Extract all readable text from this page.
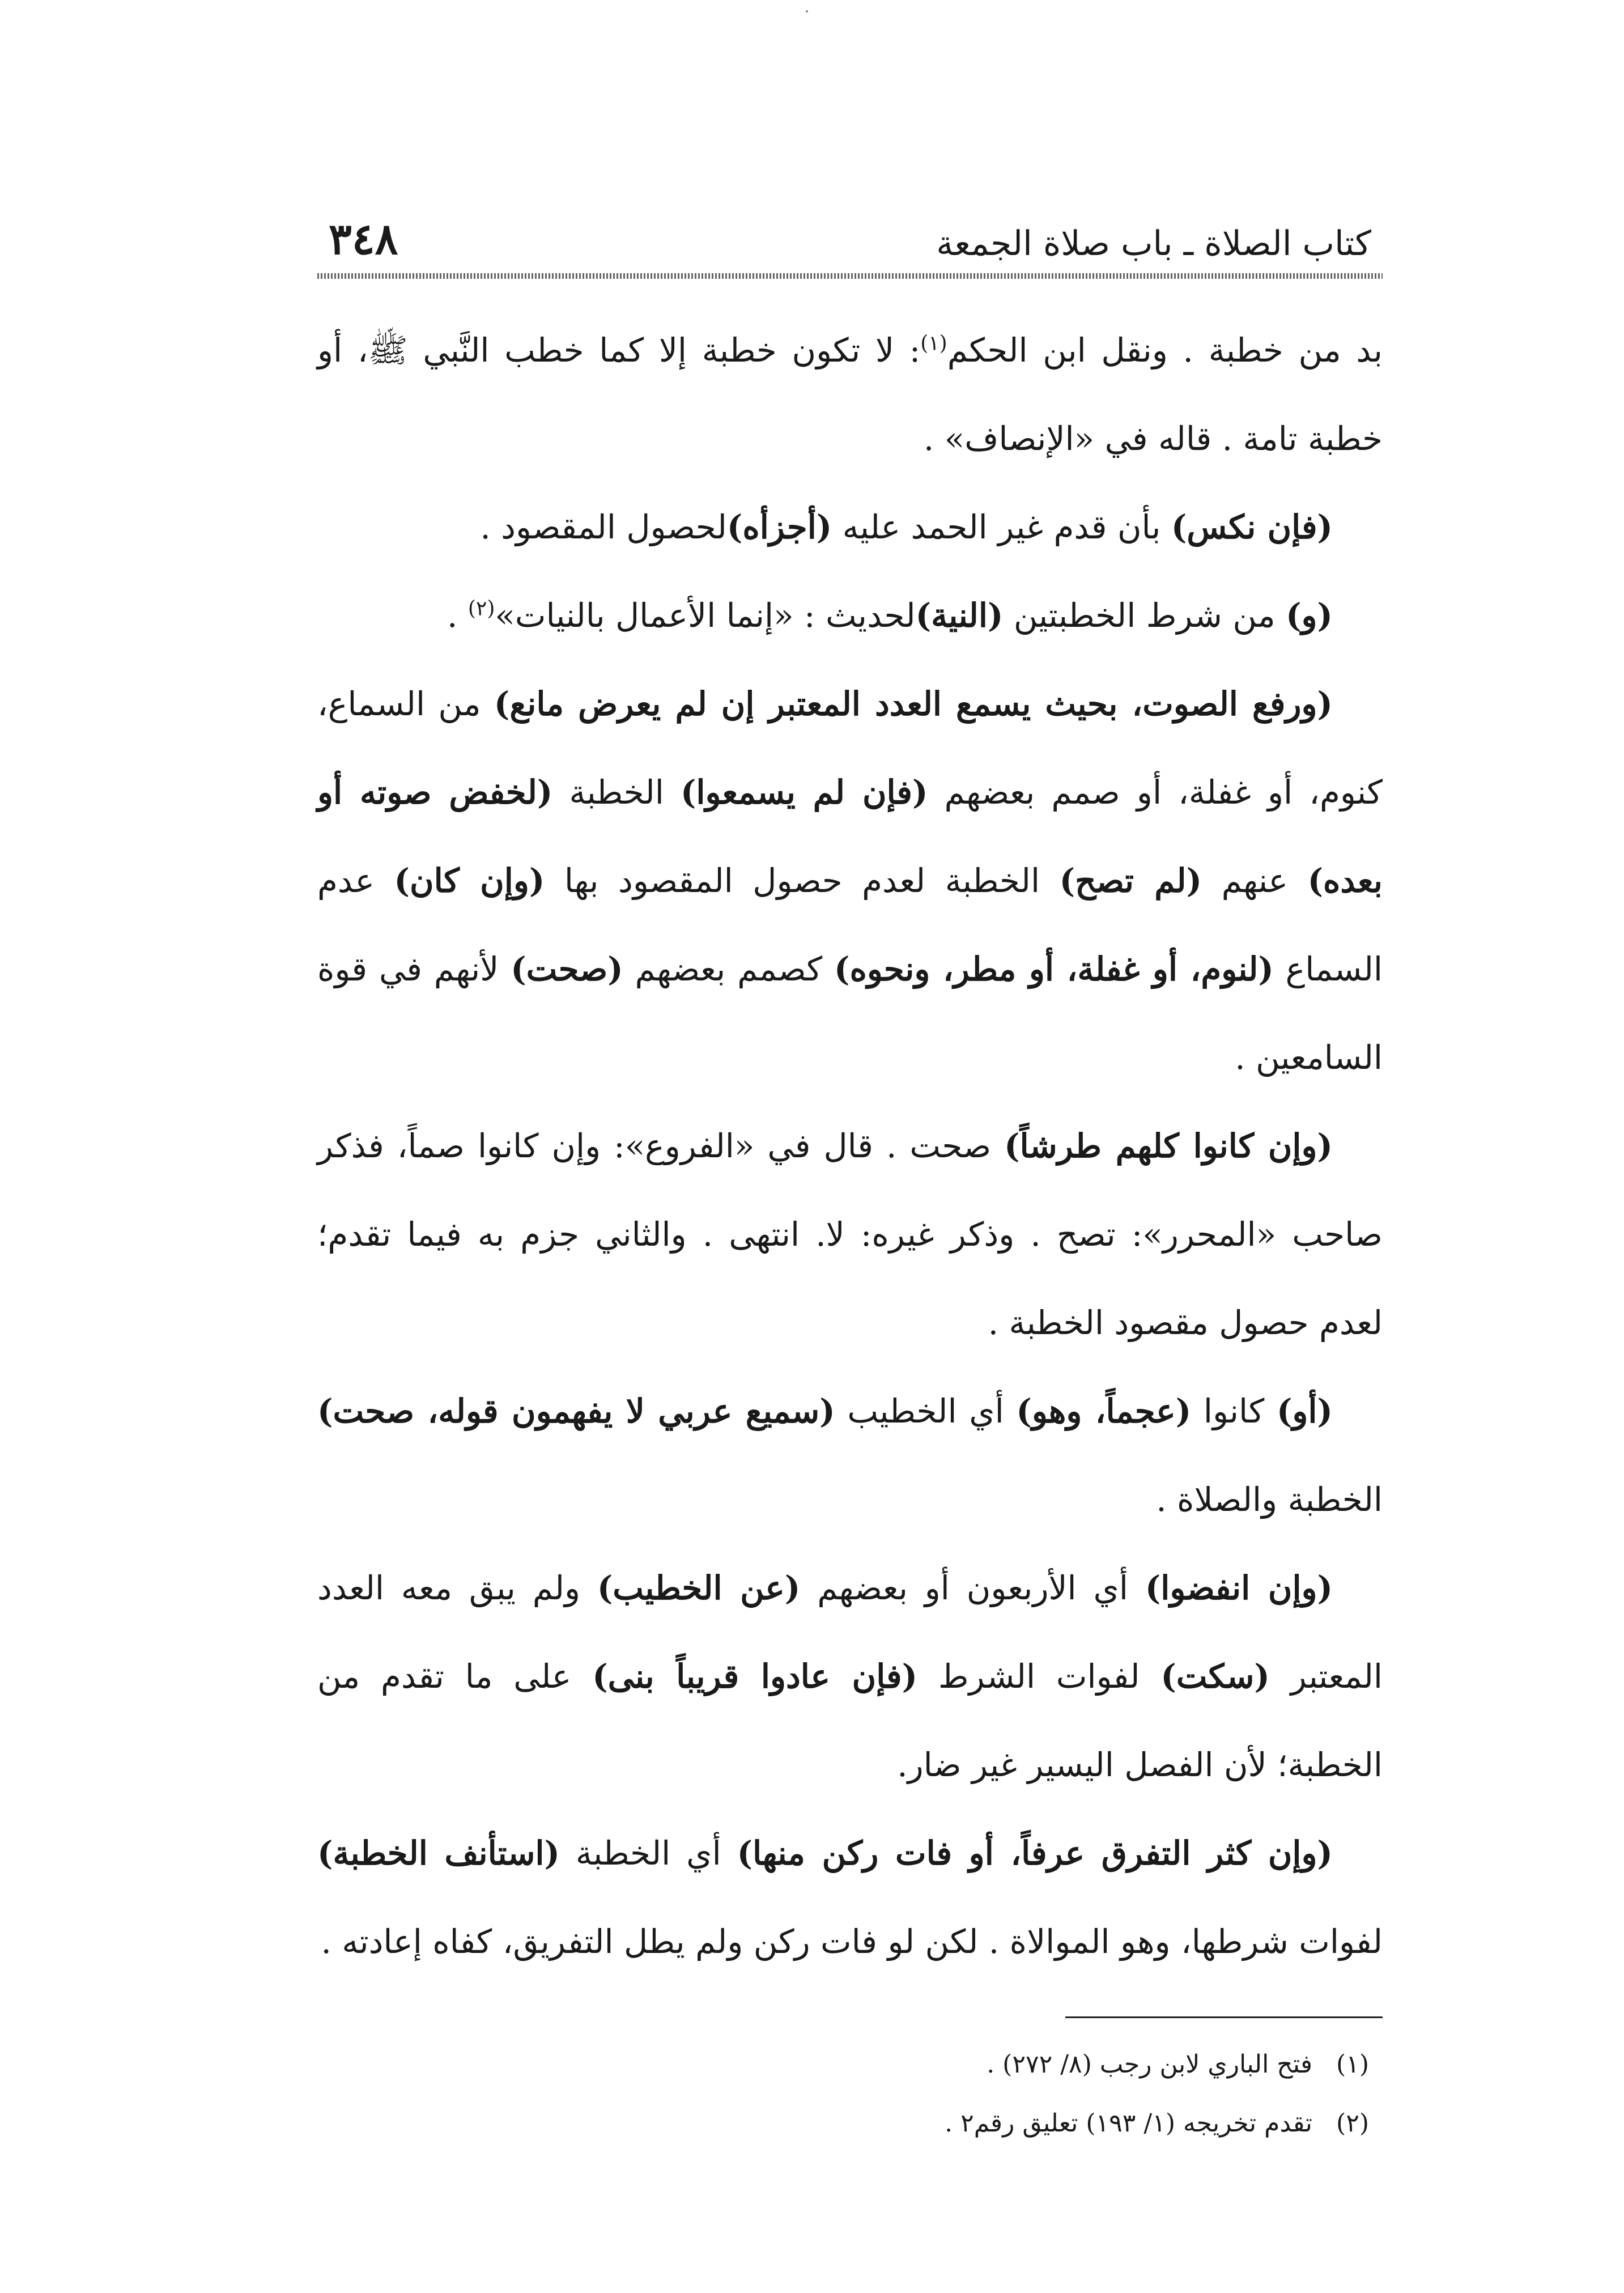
كتاب الصلاة ـ باب صلاة الجمعة
٣٤٨

بد من خطبة . ونقل ابن الحكم$^{(١)}$: لا تكون خطبة إلا كما خطب النَّبي ﷺ، أو خطبة تامة . قاله في «الإنصاف» .

(فإن نكس) بأن قدم غير الحمد عليه (أجزأه)لحصول المقصود .

(و) من شرط الخطبتين (النية)لحديث : «إنما الأعمال بالنيات»$^{(٢)}$ .

(ورفع الصوت، بحيث يسمع العدد المعتبر إن لم يعرض مانع) من السماع، كنوم، أو غفلة، أو صمم بعضهم (فإن لم يسمعوا) الخطبة (لخفض صوته أو بعده) عنهم (لم تصح) الخطبة لعدم حصول المقصود بها (وإن كان) عدم السماع (لنوم، أو غفلة، أو مطر، ونحوه) كصمم بعضهم (صحت) لأنهم في قوة السامعين .

(وإن كانوا كلهم طرشاً) صحت . قال في «الفروع»: وإن كانوا صماً، فذكر صاحب «المحرر»: تصح . وذكر غيره: لا. انتهى . والثاني جزم به فيما تقدم؛ لعدم حصول مقصود الخطبة .

(أو) كانوا (عجماً، وهو) أي الخطيب (سميع عربي لا يفهمون قوله، صحت) الخطبة والصلاة .

(وإن انفضوا) أي الأربعون أو بعضهم (عن الخطيب) ولم يبق معه العدد المعتبر (سكت) لفوات الشرط (فإن عادوا قريباً بنى) على ما تقدم من الخطبة؛ لأن الفصل اليسير غير ضار.

(وإن كثر التفرق عرفاً، أو فات ركن منها) أي الخطبة (استأنف الخطبة) لفوات شرطها، وهو الموالاة . لكن لو فات ركن ولم يطل التفريق، كفاه إعادته .

(١)
فتح الباري لابن رجب (٨/ ٢٧٢) .
(٢)
تقدم تخريجه (١/ ١٩٣) تعليق رقم٢ .
